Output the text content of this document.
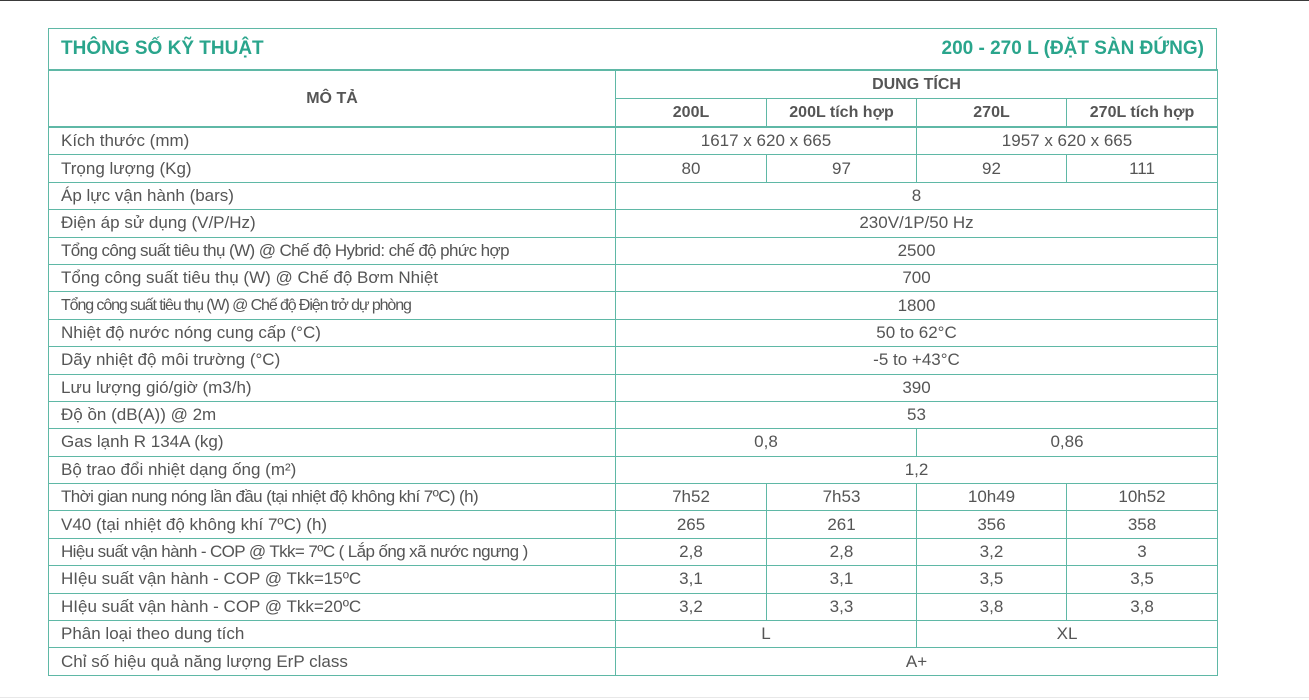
THÔNG SỐ KỸ THUẬT	200 - 270 L (ĐẶT SÀN ĐỨNG)
MÔ TẢ	DUNG TÍCH			
	200L	200L tích hợp	270L	270L tích hợp
Kích thước (mm)	1617 x 620 x 665		1957 x 620 x 665	
Trọng lượng (Kg)	80	97	92	111
Áp lực vận hành (bars)	8			
Điện áp sử dụng (V/P/Hz)	230V/1P/50 Hz			
Tổng công suất tiêu thụ (W) @ Chế độ Hybrid: chế độ phức hợp	2500			
Tổng công suất tiêu thụ (W) @ Chế độ Bơm Nhiệt	700			
Tổng công suất tiêu thụ (W) @ Chế độ Điện trở dự phòng	1800			
Nhiệt độ nước nóng cung cấp (°C)	50 to 62°C			
Dãy nhiệt độ môi trường (°C)	-5 to +43°C			
Lưu lượng gió/giờ (m3/h)	390			
Độ ồn (dB(A)) @ 2m	53			
Gas lạnh R 134A (kg)	0,8		0,86	
Bộ trao đổi nhiệt dạng ống (m²)	1,2			
Thời gian nung nóng lần đầu (tại nhiệt độ không khí 7ºC) (h)	7h52	7h53	10h49	10h52
V40 (tại nhiệt độ không khí 7ºC) (h)	265	261	356	358
Hiệu suất vận hành - COP @ Tkk= 7ºC ( Lắp ống xã nước ngưng )	2,8	2,8	3,2	3
HIệu suất vận hành - COP @ Tkk=15ºC	3,1	3,1	3,5	3,5
HIệu suất vận hành - COP @ Tkk=20ºC	3,2	3,3	3,8	3,8
Phân loại theo dung tích	L		XL	
Chỉ số hiệu quả năng lượng ErP class	A+			
